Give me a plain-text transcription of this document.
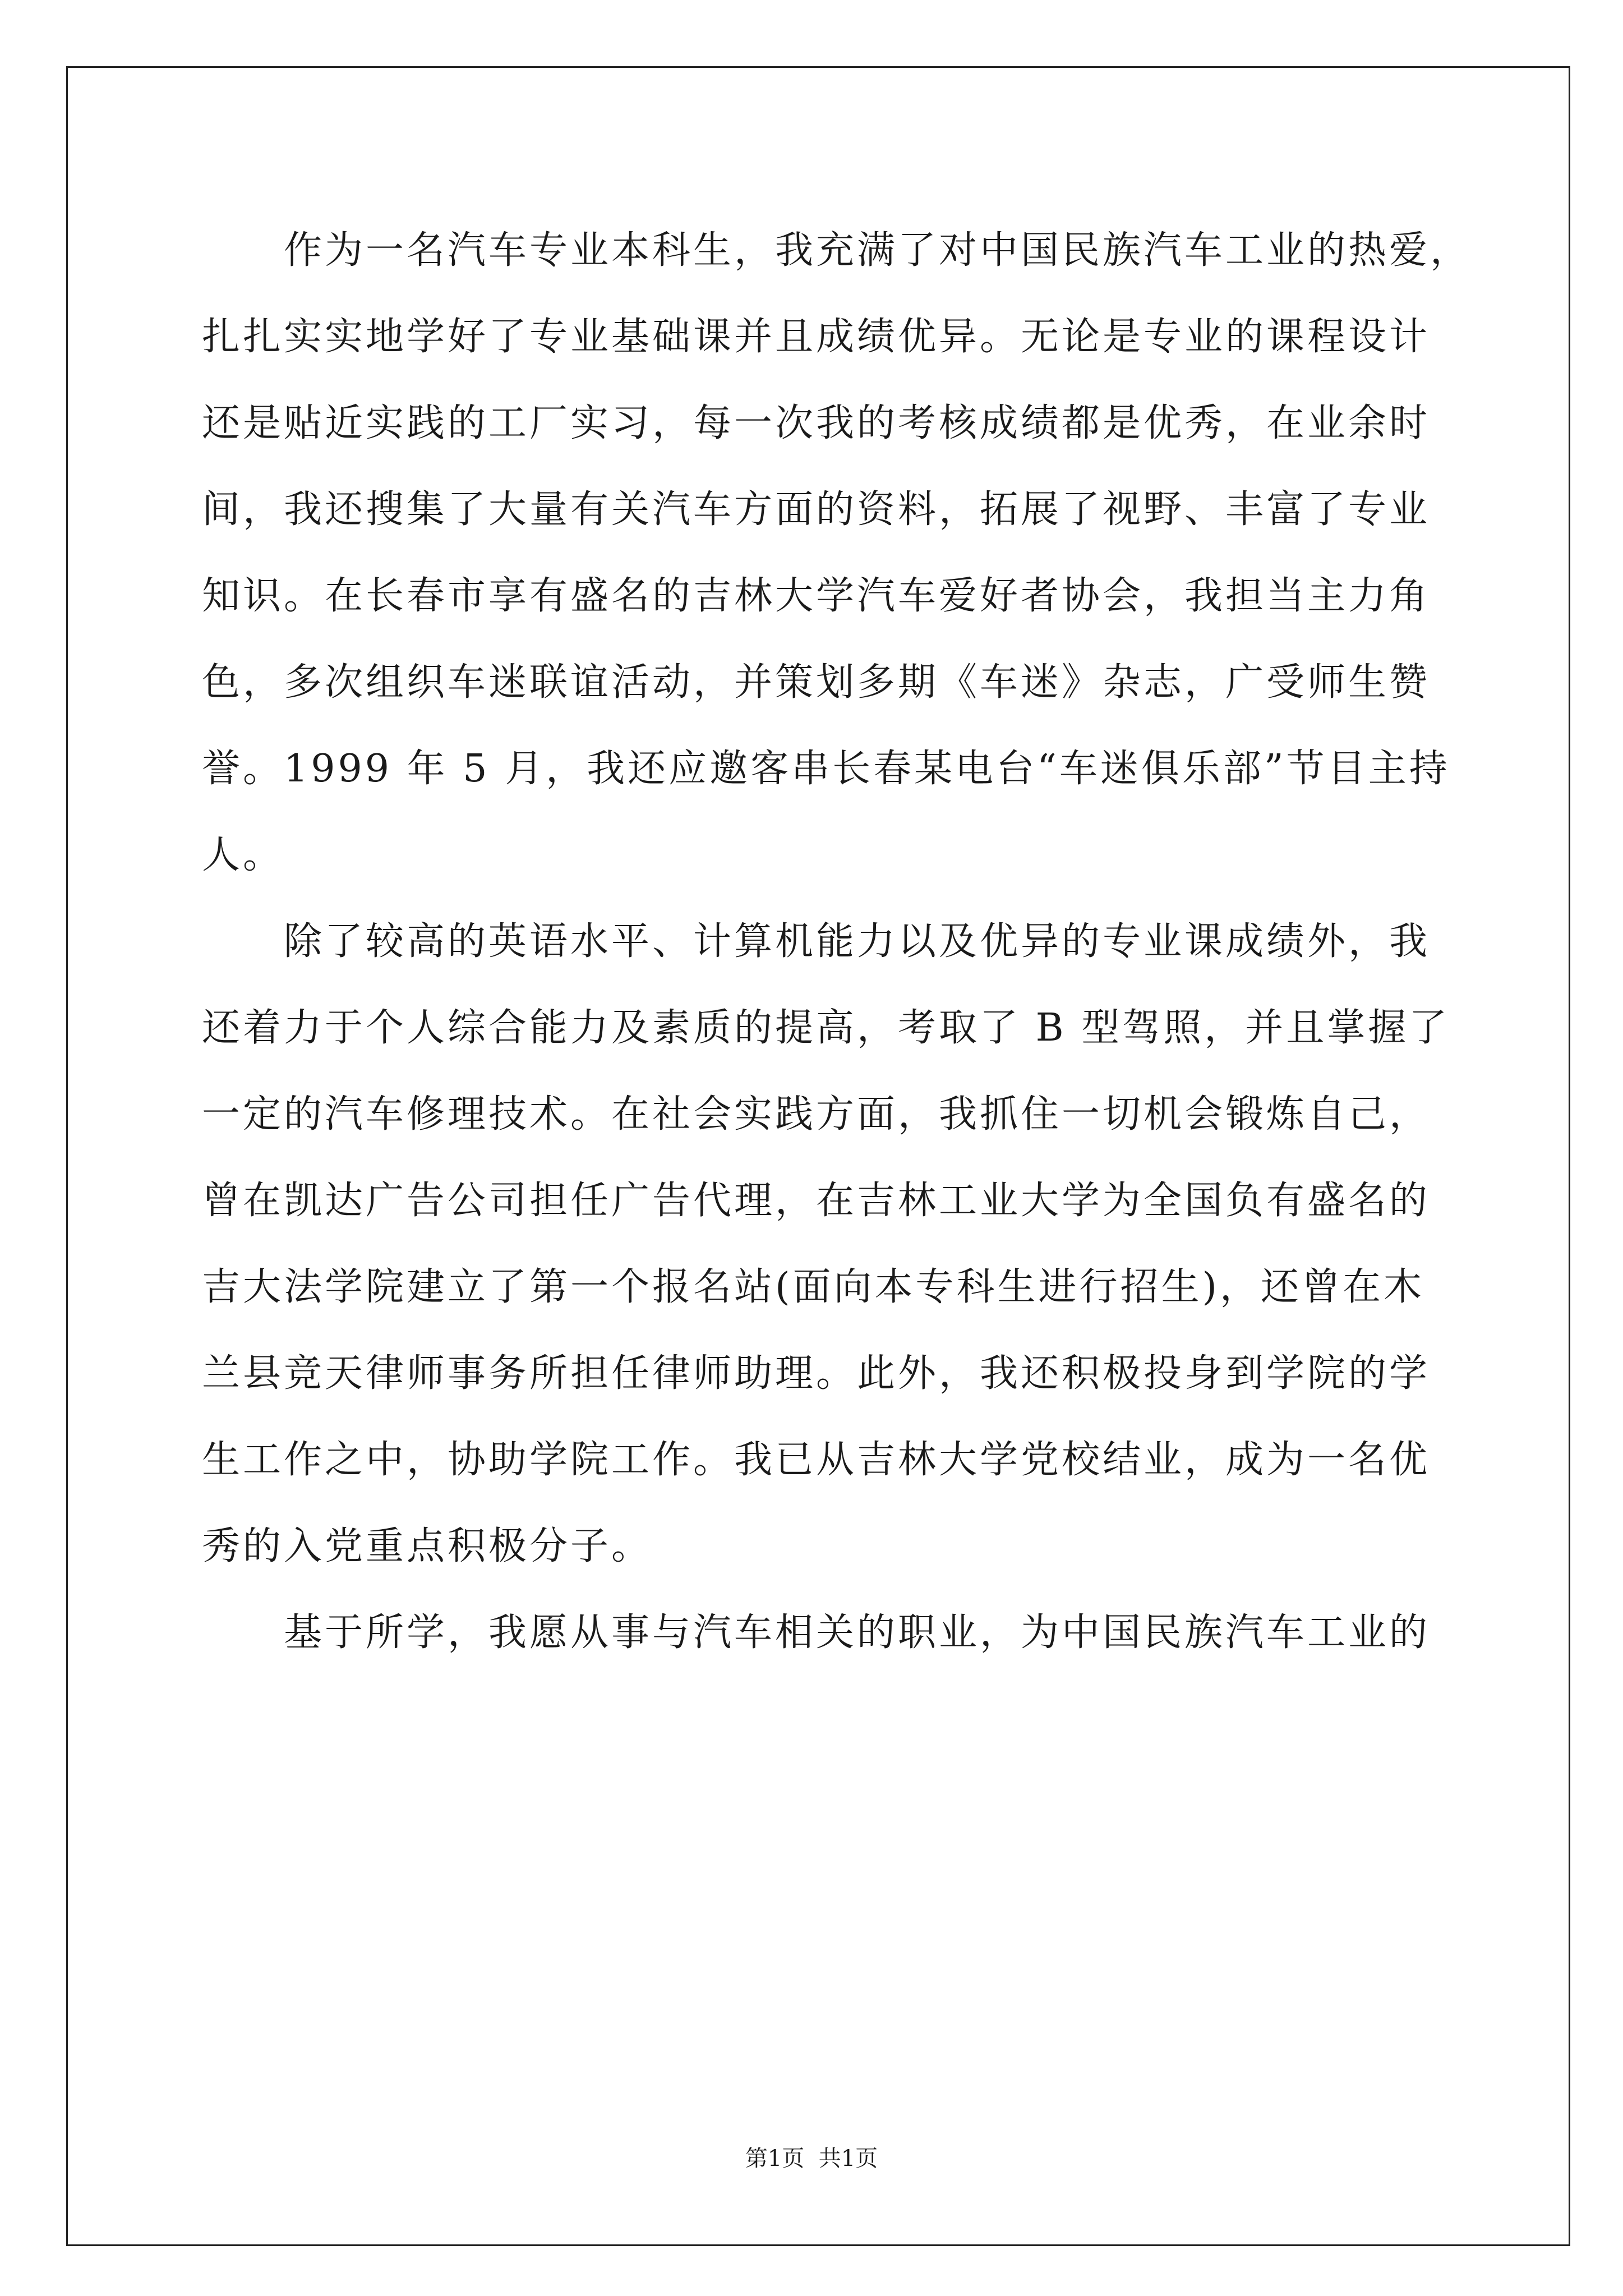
作为一名汽车专业本科生，我充满了对中国民族汽车工业的热爱，
扎扎实实地学好了专业基础课并且成绩优异。无论是专业的课程设计
还是贴近实践的工厂实习，每一次我的考核成绩都是优秀，在业余时
间，我还搜集了大量有关汽车方面的资料，拓展了视野、丰富了专业
知识。在长春市享有盛名的吉林大学汽车爱好者协会，我担当主力角
色，多次组织车迷联谊活动，并策划多期《车迷》杂志，广受师生赞
誉。1999 年 5 月，我还应邀客串长春某电台“车迷俱乐部”节目主持
人。
除了较高的英语水平、计算机能力以及优异的专业课成绩外，我
还着力于个人综合能力及素质的提高，考取了 B 型驾照，并且掌握了
一定的汽车修理技术。在社会实践方面，我抓住一切机会锻炼自己，
曾在凯达广告公司担任广告代理，在吉林工业大学为全国负有盛名的
吉大法学院建立了第一个报名站(面向本专科生进行招生)，还曾在木
兰县竞天律师事务所担任律师助理。此外，我还积极投身到学院的学
生工作之中，协助学院工作。我已从吉林大学党校结业，成为一名优
秀的入党重点积极分子。
基于所学，我愿从事与汽车相关的职业，为中国民族汽车工业的
第1页  共1页
